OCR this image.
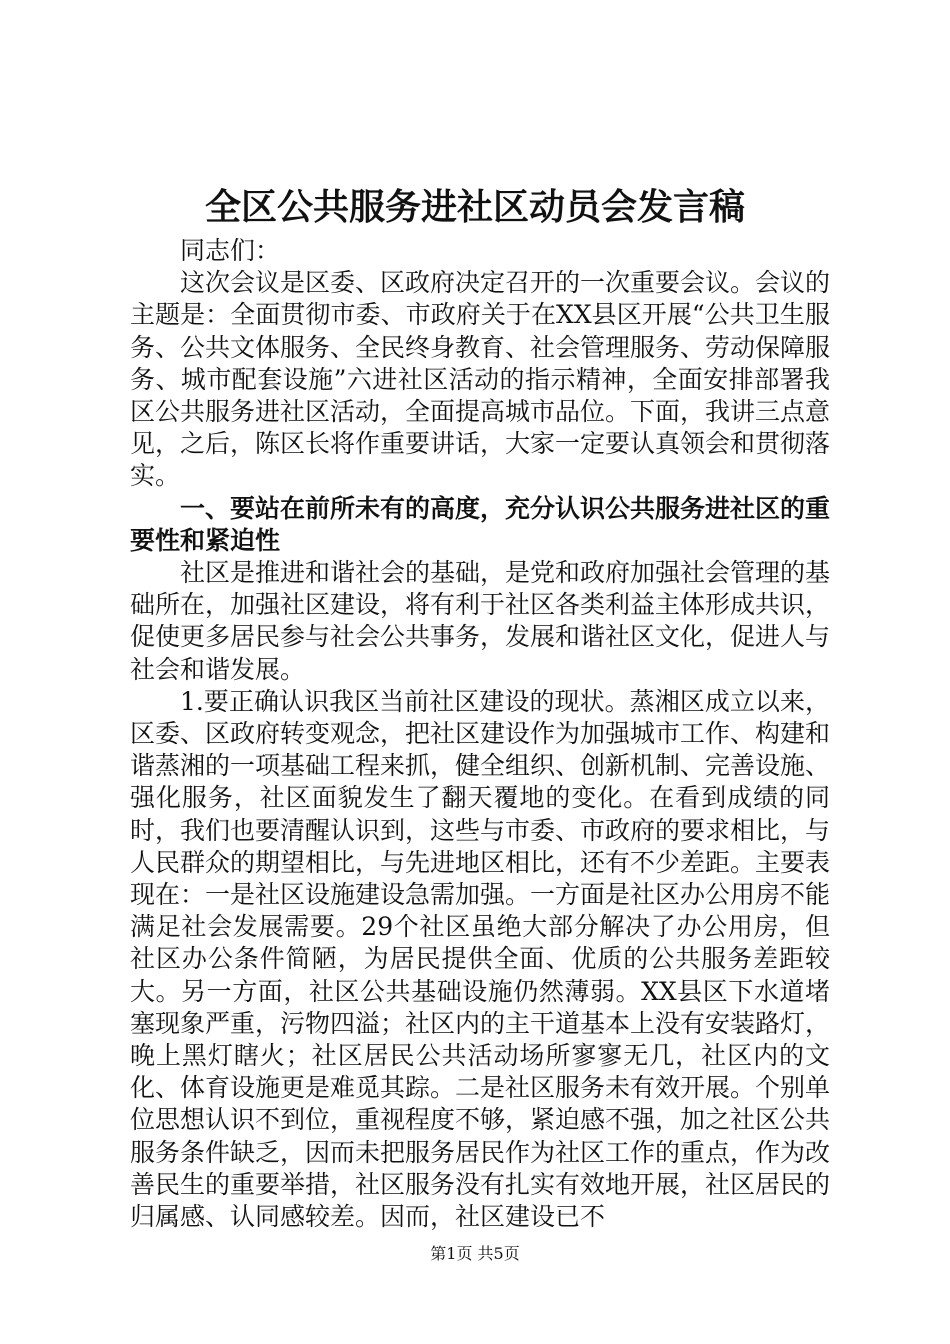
全区公共服务进社区动员会发言稿

同志们：

这次会议是区委、区政府决定召开的一次重要会议。会议的主题是：全面贯彻市委、市政府关于在XX县区开展“公共卫生服务、公共文体服务、全民终身教育、社会管理服务、劳动保障服务、城市配套设施”六进社区活动的指示精神，全面安排部署我区公共服务进社区活动，全面提高城市品位。下面，我讲三点意见，之后，陈区长将作重要讲话，大家一定要认真领会和贯彻落实。

一、要站在前所未有的高度，充分认识公共服务进社区的重要性和紧迫性

社区是推进和谐社会的基础，是党和政府加强社会管理的基础所在，加强社区建设，将有利于社区各类利益主体形成共识，促使更多居民参与社会公共事务，发展和谐社区文化，促进人与社会和谐发展。

1.要正确认识我区当前社区建设的现状。蒸湘区成立以来，区委、区政府转变观念，把社区建设作为加强城市工作、构建和谐蒸湘的一项基础工程来抓，健全组织、创新机制、完善设施、强化服务，社区面貌发生了翻天覆地的变化。在看到成绩的同时，我们也要清醒认识到，这些与市委、市政府的要求相比，与人民群众的期望相比，与先进地区相比，还有不少差距。主要表现在：一是社区设施建设急需加强。一方面是社区办公用房不能满足社会发展需要。29个社区虽绝大部分解决了办公用房，但社区办公条件简陋，为居民提供全面、优质的公共服务差距较大。另一方面，社区公共基础设施仍然薄弱。XX县区下水道堵塞现象严重，污物四溢；社区内的主干道基本上没有安装路灯，晚上黑灯瞎火；社区居民公共活动场所寥寥无几，社区内的文化、体育设施更是难觅其踪。二是社区服务未有效开展。个别单位思想认识不到位，重视程度不够，紧迫感不强，加之社区公共服务条件缺乏，因而未把服务居民作为社区工作的重点，作为改善民生的重要举措，社区服务没有扎实有效地开展，社区居民的归属感、认同感较差。因而，社区建设已不

第1页 共5页
